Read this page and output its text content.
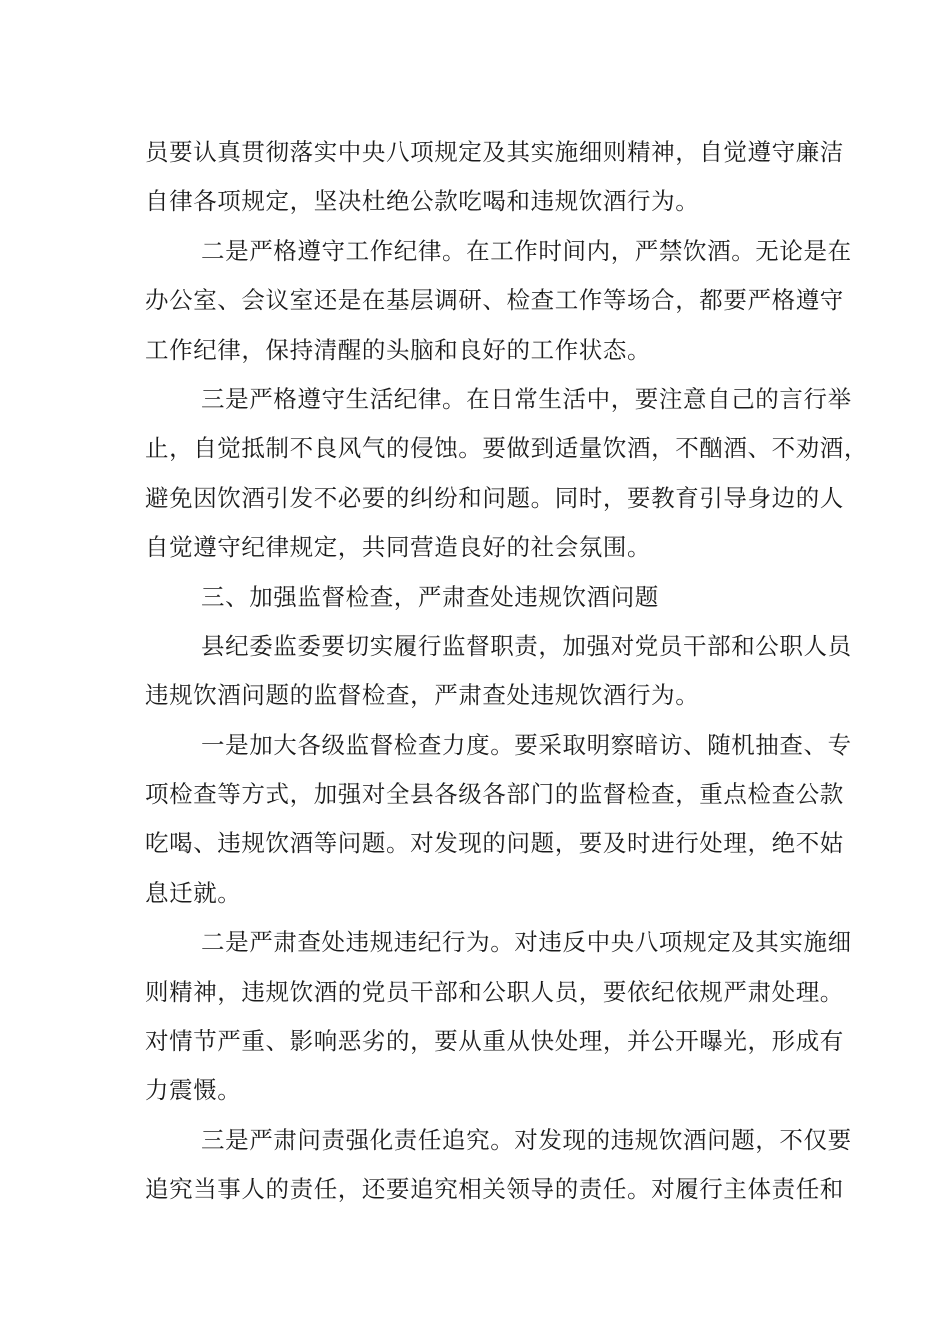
员要认真贯彻落实中央八项规定及其实施细则精神，自觉遵守廉洁
自律各项规定，坚决杜绝公款吃喝和违规饮酒行为。
二是严格遵守工作纪律。在工作时间内，严禁饮酒。无论是在
办公室、会议室还是在基层调研、检查工作等场合，都要严格遵守
工作纪律，保持清醒的头脑和良好的工作状态。
三是严格遵守生活纪律。在日常生活中，要注意自己的言行举
止，自觉抵制不良风气的侵蚀。要做到适量饮酒，不酗酒、不劝酒，
避免因饮酒引发不必要的纠纷和问题。同时，要教育引导身边的人
自觉遵守纪律规定，共同营造良好的社会氛围。
三、加强监督检查，严肃查处违规饮酒问题
县纪委监委要切实履行监督职责，加强对党员干部和公职人员
违规饮酒问题的监督检查，严肃查处违规饮酒行为。
一是加大各级监督检查力度。要采取明察暗访、随机抽查、专
项检查等方式，加强对全县各级各部门的监督检查，重点检查公款
吃喝、违规饮酒等问题。对发现的问题，要及时进行处理，绝不姑
息迁就。
二是严肃查处违规违纪行为。对违反中央八项规定及其实施细
则精神，违规饮酒的党员干部和公职人员，要依纪依规严肃处理。
对情节严重、影响恶劣的，要从重从快处理，并公开曝光，形成有
力震慑。
三是严肃问责强化责任追究。对发现的违规饮酒问题，不仅要
追究当事人的责任，还要追究相关领导的责任。对履行主体责任和
